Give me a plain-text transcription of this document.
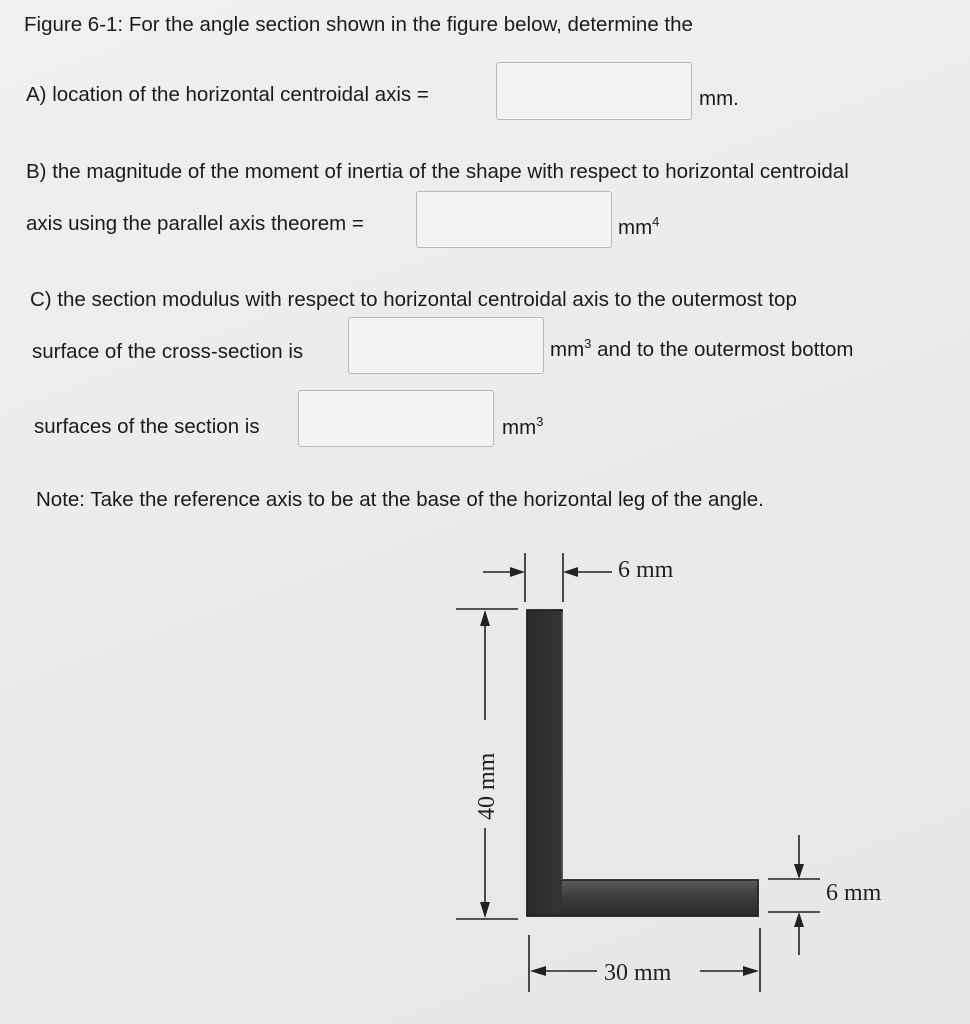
Figure 6-1: For the angle section shown in the figure below, determine the
A) location of the horizontal centroidal axis =	mm.
B) the magnitude of the moment of inertia of the shape with respect to horizontal centroidal
axis using the parallel axis theorem =	$mm^4$
C) the section modulus with respect to horizontal centroidal axis to the outermost top
surface of the cross-section is	$mm^3$ and to the outermost bottom
surfaces of the section is	$mm^3$
Note: Take the reference axis to be at the base of the horizontal leg of the angle.
6 mm
40 mm
6 mm
30 mm
